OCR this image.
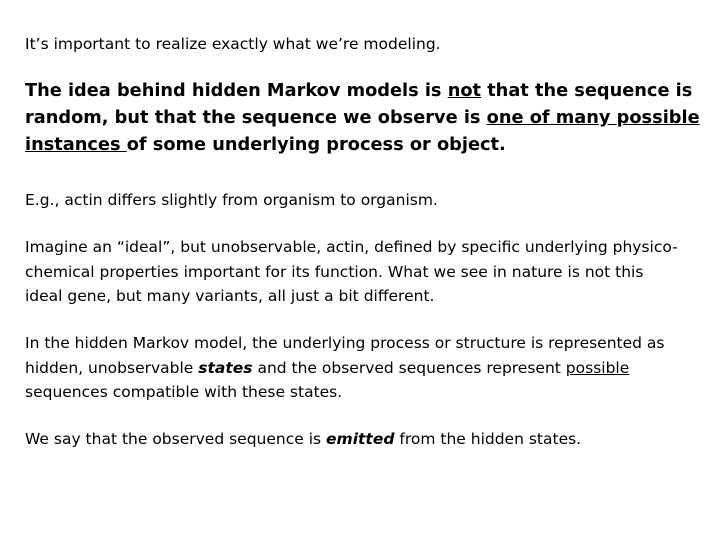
It’s important to realize exactly what we’re modeling.

The idea behind hidden Markov models is not that the sequence is
random, but that the sequence we observe is one of many possible
instances of some underlying process or object.

E.g., actin differs slightly from organism to organism.

Imagine an “ideal”, but unobservable, actin, defined by specific underlying physico-
chemical properties important for its function. What we see in nature is not this
ideal gene, but many variants, all just a bit different.

In the hidden Markov model, the underlying process or structure is represented as
hidden, unobservable states and the observed sequences represent possible
sequences compatible with these states.

We say that the observed sequence is emitted from the hidden states.
